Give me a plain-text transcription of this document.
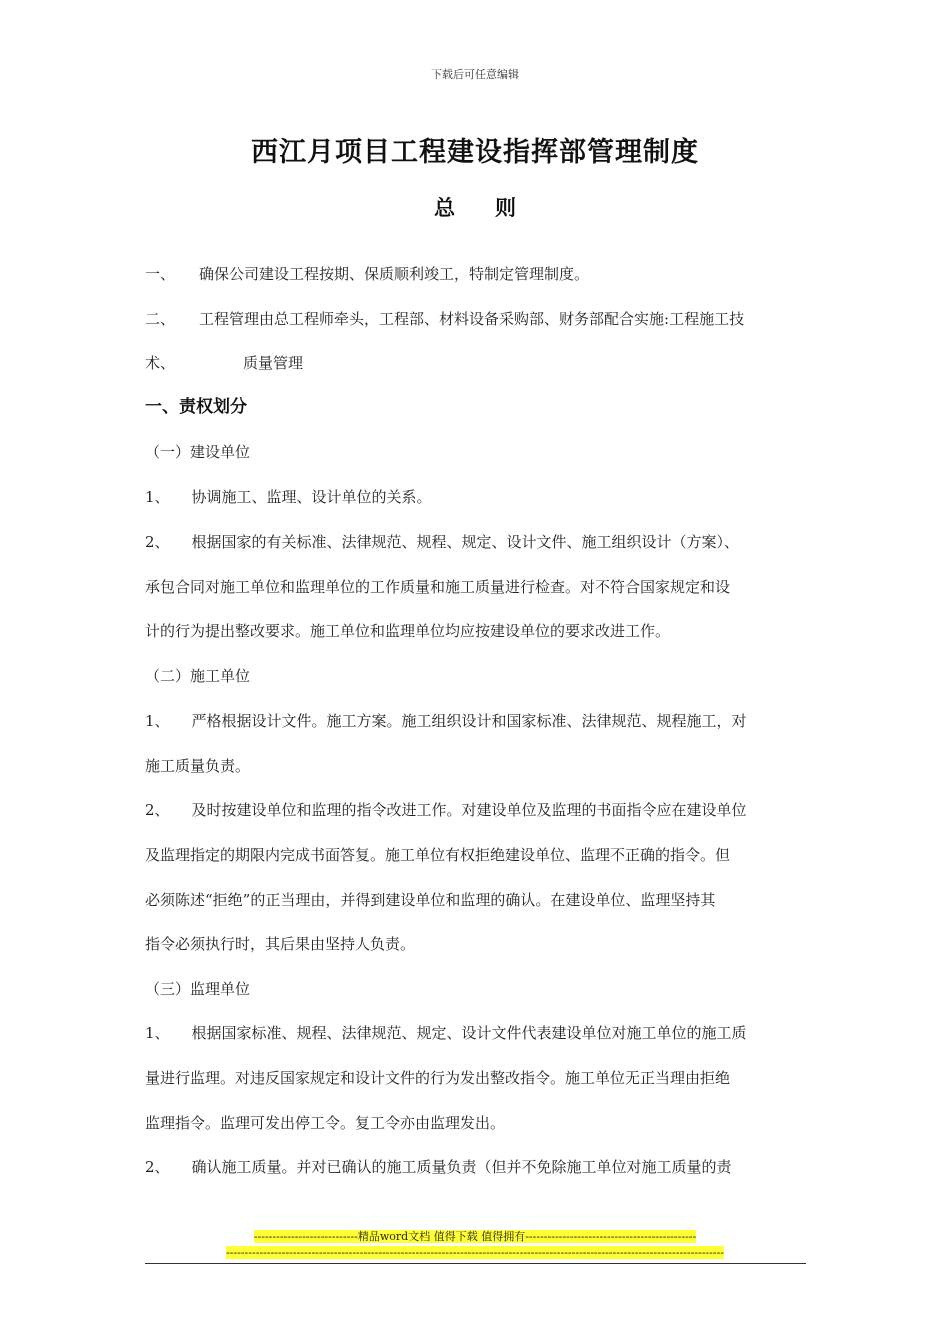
下载后可任意编辑
西江月项目工程建设指挥部管理制度
总则
一、 确保公司建设工程按期、保质顺利竣工，特制定管理制度。
二、 工程管理由总工程师牵头，工程部、材料设备采购部、财务部配合实施:工程施工技
术、	质量管理
一、责权划分
（一）建设单位
1、 协调施工、监理、设计单位的关系。
2、 根据国家的有关标准、法律规范、规程、规定、设计文件、施工组织设计（方案）、
承包合同对施工单位和监理单位的工作质量和施工质量进行检查。对不符合国家规定和设
计的行为提出整改要求。施工单位和监理单位均应按建设单位的要求改进工作。
（二）施工单位
1、 严格根据设计文件。施工方案。施工组织设计和国家标准、法律规范、规程施工，对
施工质量负责。
2、 及时按建设单位和监理的指令改进工作。对建设单位及监理的书面指令应在建设单位
及监理指定的期限内完成书面答复。施工单位有权拒绝建设单位、监理不正确的指令。但
必须陈述“拒绝”的正当理由，并得到建设单位和监理的确认。在建设单位、监理坚持其
指令必须执行时，其后果由坚持人负责。
（三）监理单位
1、 根据国家标准、规程、法律规范、规定、设计文件代表建设单位对施工单位的施工质
量进行监理。对违反国家规定和设计文件的行为发出整改指令。施工单位无正当理由拒绝
监理指令。监理可发出停工令。复工令亦由监理发出。
2、 确认施工质量。并对已确认的施工质量负责（但并不免除施工单位对施工质量的责
----------------------------精品word文档 值得下载 值得拥有----------------------------------------------
--------------------------------------------------------------------------------------------------------------------------------------
